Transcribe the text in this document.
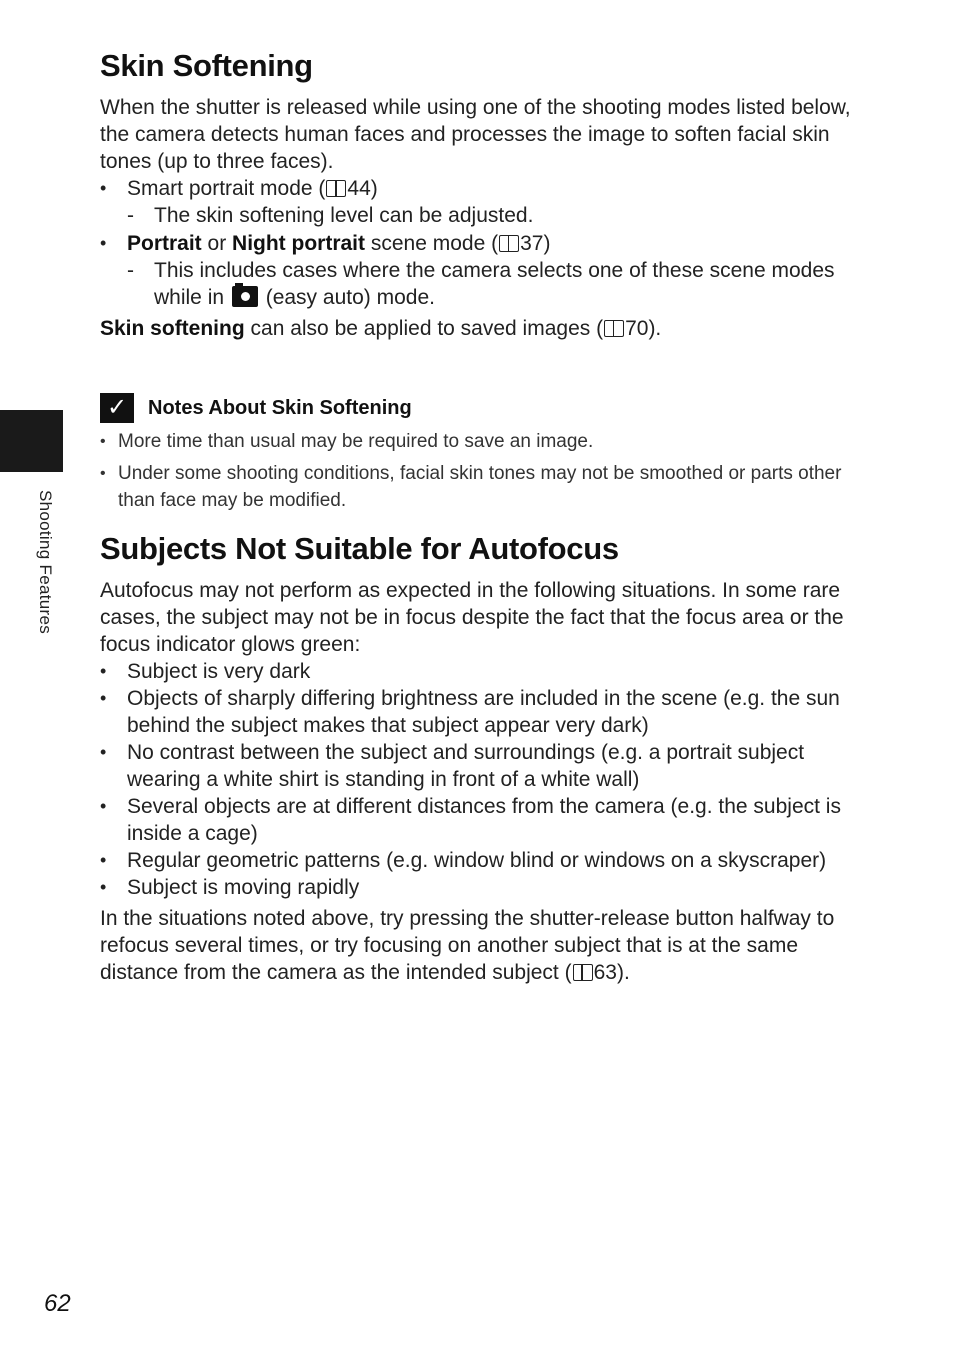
Shooting Features
Skin Softening

When the shutter is released while using one of the shooting modes listed below, the camera detects human faces and processes the image to soften facial skin tones (up to three faces).

• Smart portrait mode ( 44)
- The skin softening level can be adjusted.
• Portrait or Night portrait scene mode ( 37)
- This includes cases where the camera selects one of these scene modes while in  (easy auto) mode.

Skin softening can also be applied to saved images ( 70).

✓	Notes About Skin Softening
• More time than usual may be required to save an image.
• Under some shooting conditions, facial skin tones may not be smoothed or parts other than face may be modified.
Subjects Not Suitable for Autofocus

Autofocus may not perform as expected in the following situations. In some rare cases, the subject may not be in focus despite the fact that the focus area or the focus indicator glows green:

• Subject is very dark
• Objects of sharply differing brightness are included in the scene (e.g. the sun behind the subject makes that subject appear very dark)
• No contrast between the subject and surroundings (e.g. a portrait subject wearing a white shirt is standing in front of a white wall)
• Several objects are at different distances from the camera (e.g. the subject is inside a cage)
• Regular geometric patterns (e.g. window blind or windows on a skyscraper)
• Subject is moving rapidly

In the situations noted above, try pressing the shutter-release button halfway to refocus several times, or try focusing on another subject that is at the same distance from the camera as the intended subject ( 63).

62
